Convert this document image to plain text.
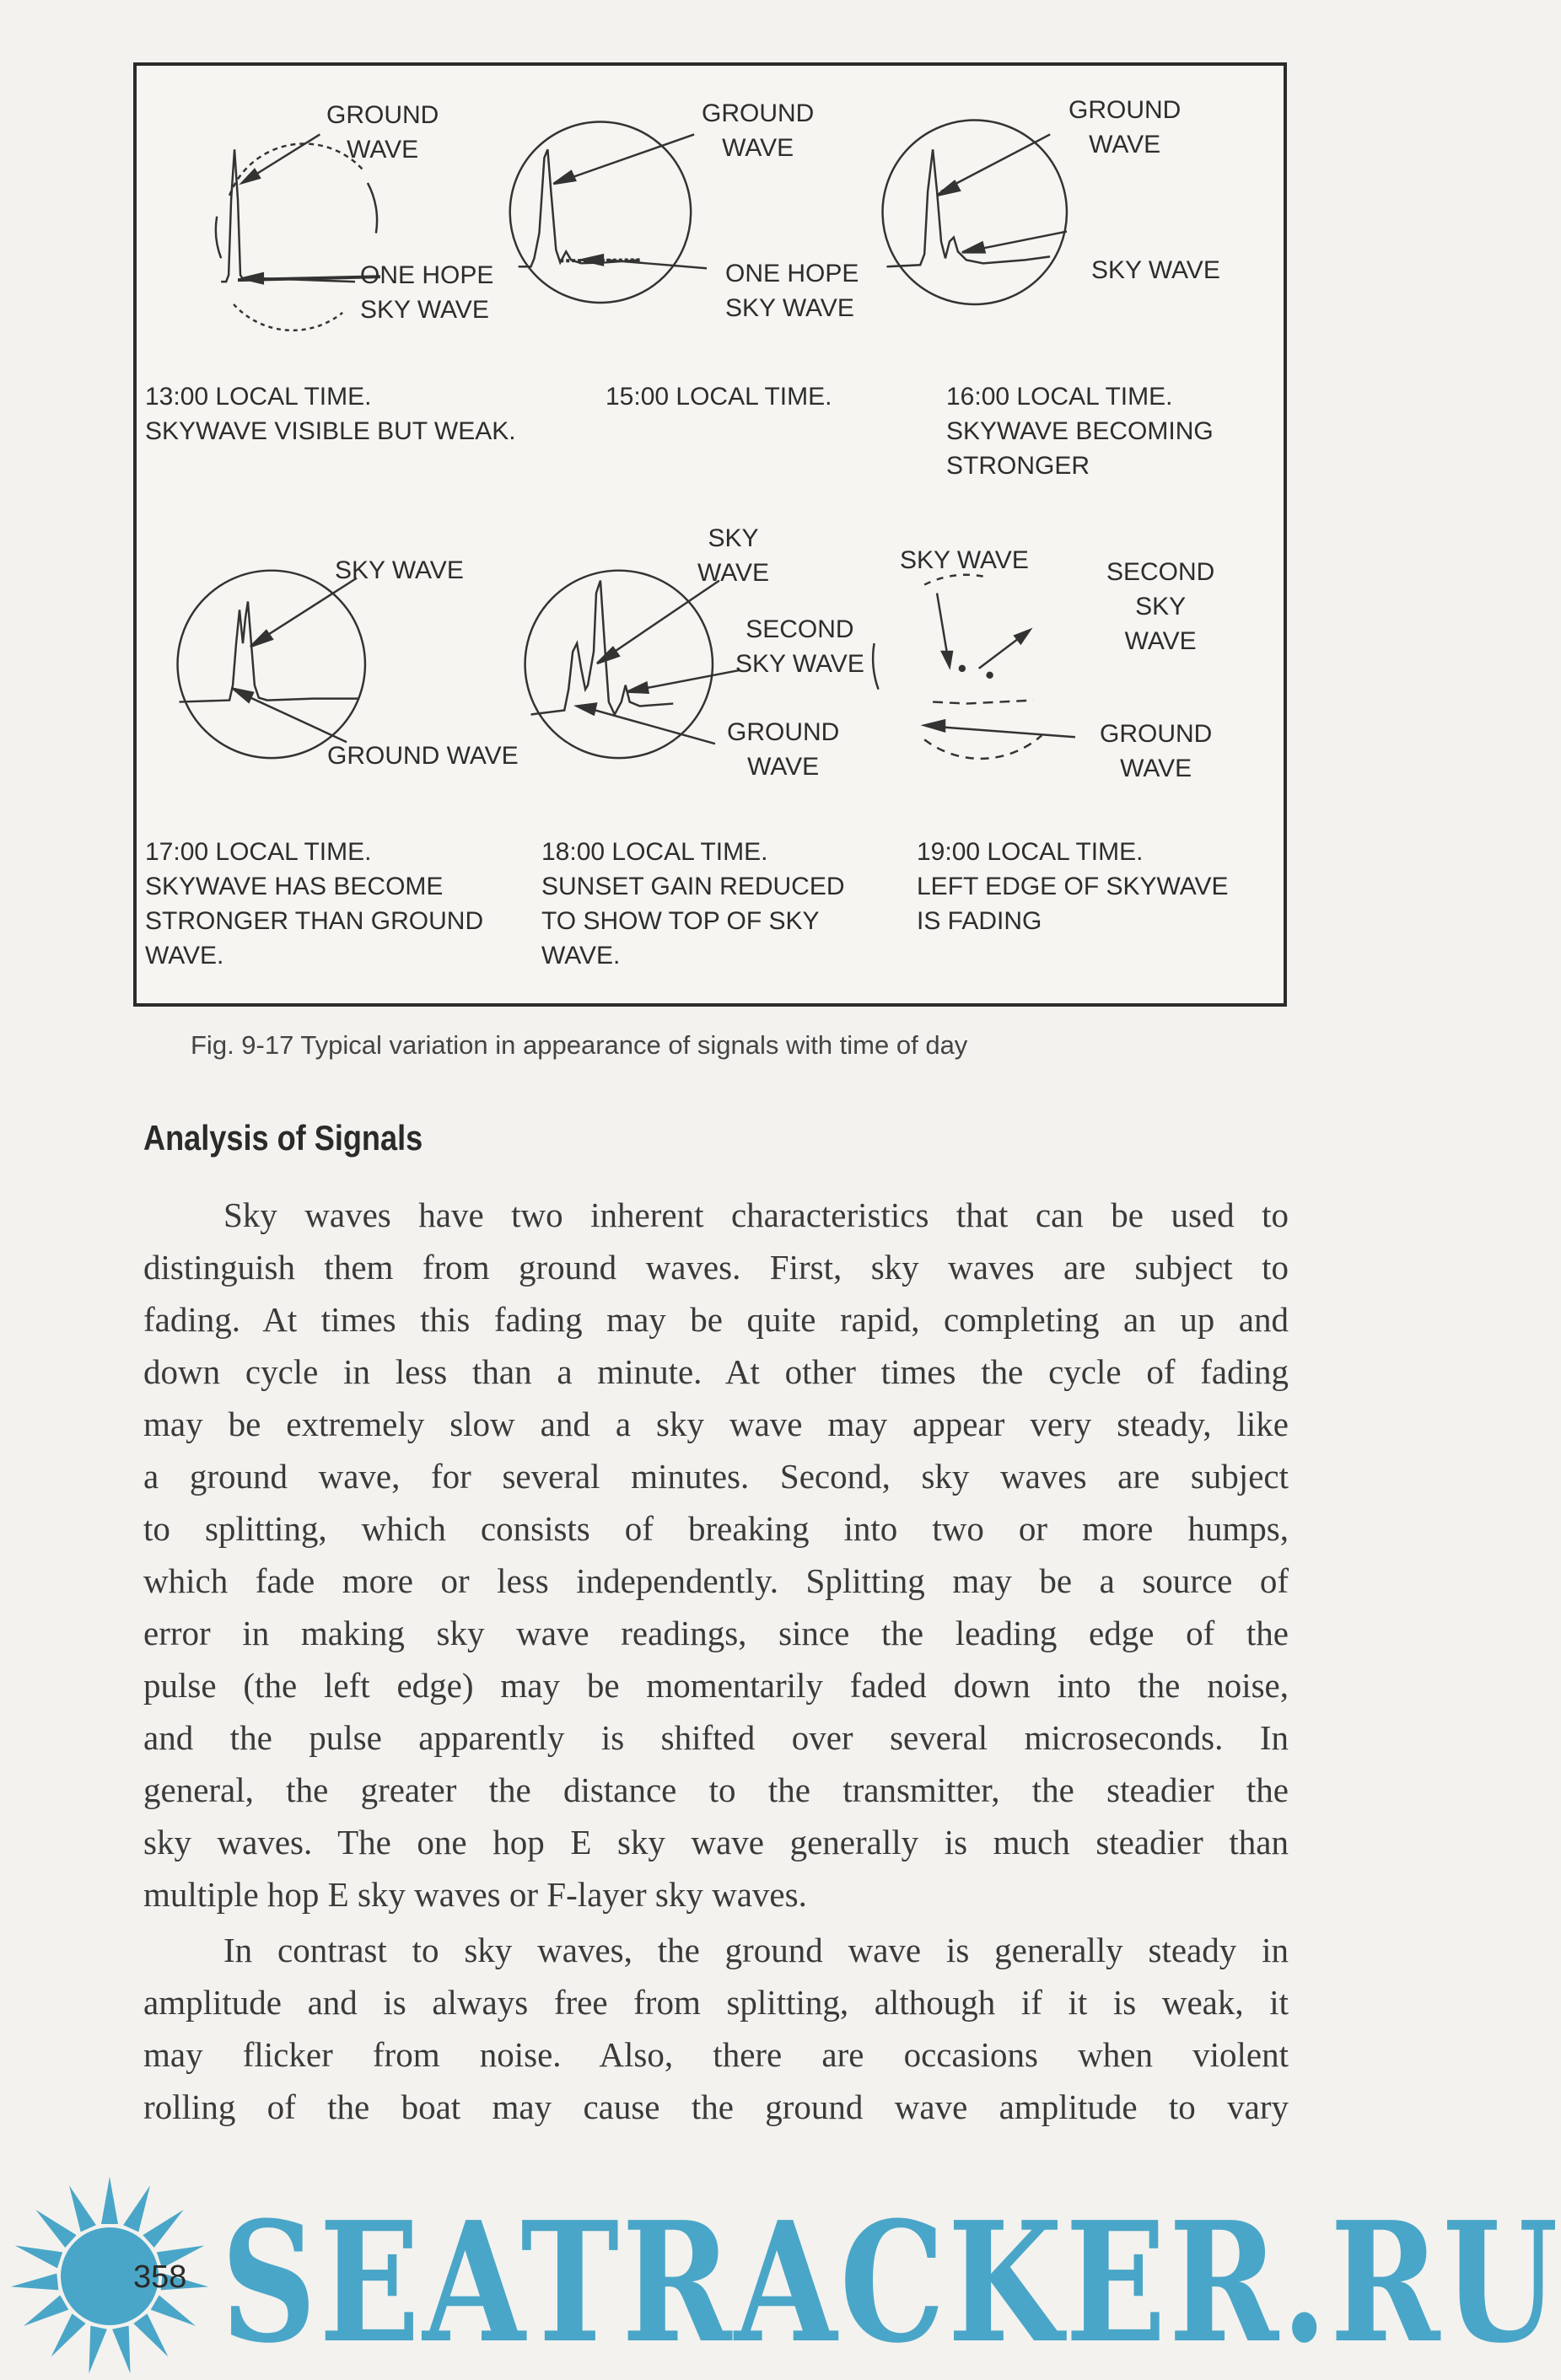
GROUND
WAVE
ONE HOPE
SKY WAVE
GROUND
WAVE
ONE HOPE
SKY WAVE
GROUND
WAVE
SKY WAVE
SKY WAVE
GROUND WAVE
SKY
WAVE
SECOND
SKY WAVE
GROUND
WAVE
SKY WAVE	SECOND
SKY
WAVE
GROUND
WAVE
13:00 LOCAL TIME.
SKYWAVE VISIBLE BUT WEAK.
15:00 LOCAL TIME.	16:00 LOCAL TIME.
SKYWAVE BECOMING
STRONGER
17:00 LOCAL TIME.
SKYWAVE HAS BECOME
STRONGER THAN GROUND
WAVE.
18:00 LOCAL TIME.
SUNSET GAIN REDUCED
TO SHOW TOP OF SKY
WAVE.
19:00 LOCAL TIME.
LEFT EDGE OF SKYWAVE
IS FADING
Fig. 9-17 Typical variation in appearance of signals with time of day
Analysis of Signals
Sky waves have two inherent characteristics that can be used to
distinguish them from ground waves. First, sky waves are subject to
fading. At times this fading may be quite rapid, completing an up and
down cycle in less than a minute. At other times the cycle of fading
may be extremely slow and a sky wave may appear very steady, like
a ground wave, for several minutes. Second, sky waves are subject
to splitting, which consists of breaking into two or more humps,
which fade more or less independently. Splitting may be a source of
error in making sky wave readings, since the leading edge of the
pulse (the left edge) may be momentarily faded down into the noise,
and the pulse apparently is shifted over several microseconds. In
general, the greater the distance to the transmitter, the steadier the
sky waves. The one hop E sky wave generally is much steadier than
multiple hop E sky waves or F-layer sky waves.
In contrast to sky waves, the ground wave is generally steady in
amplitude and is always free from splitting, although if it is weak, it
may flicker from noise. Also, there are occasions when violent
rolling of the boat may cause the ground wave amplitude to vary
SEATRACKER.RU
358
